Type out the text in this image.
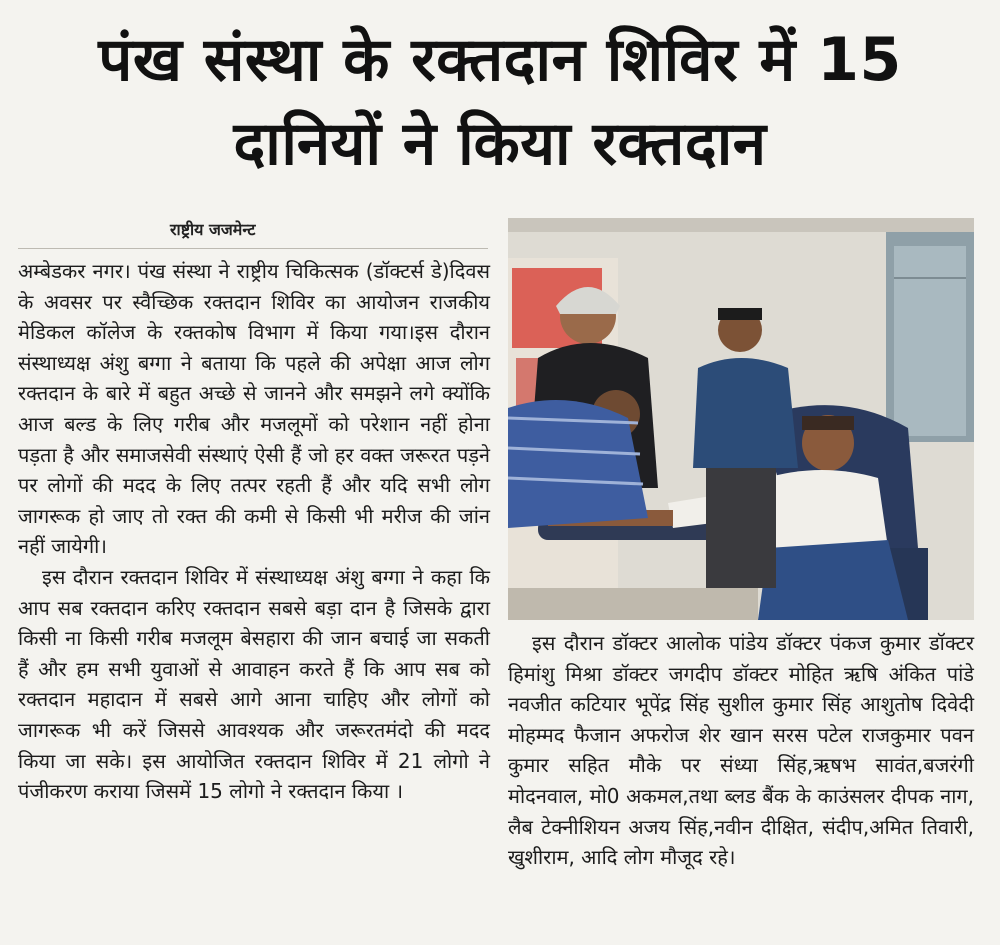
पंख संस्था के रक्तदान शिविर में 15
दानियों ने किया रक्तदान
राष्ट्रीय जजमेन्ट

अम्बेडकर नगर। पंख संस्था ने राष्ट्रीय चिकित्सक (डॉक्टर्स डे)दिवस के अवसर पर स्वैच्छिक रक्तदान शिविर का आयोजन राजकीय मेडिकल कॉलेज के रक्तकोष विभाग में किया गया।इस दौरान संस्थाध्यक्ष अंशु बग्गा ने बताया कि पहले की अपेक्षा आज लोग रक्तदान के बारे में बहुत अच्छे से जानने और समझने लगे क्योंकि आज बल्ड के लिए गरीब और मजलूमों को परेशान नहीं होना पड़ता है और समाजसेवी संस्थाएं ऐसी हैं जो हर वक्त जरूरत पड़ने पर लोगों की मदद के लिए तत्पर रहती हैं और यदि सभी लोग जागरूक हो जाए तो रक्त की कमी से किसी भी मरीज की जांन नहीं जायेगी।

इस दौरान रक्तदान शिविर में संस्थाध्यक्ष अंशु बग्गा ने कहा कि आप सब रक्तदान करिए रक्तदान सबसे बड़ा दान है जिसके द्वारा किसी ना किसी गरीब मजलूम बेसहारा की जान बचाई जा सकती हैं और हम सभी युवाओं से आवाहन करते हैं कि आप सब को रक्तदान महादान में सबसे आगे आना चाहिए और लोगों को जागरूक भी करें जिससे आवश्यक और जरूरतमंदो की मदद किया जा सके। इस आयोजित रक्तदान शिविर में 21 लोगो ने पंजीकरण कराया जिसमें 15 लोगो ने रक्तदान किया ।

इस दौरान डॉक्टर आलोक पांडेय डॉक्टर पंकज कुमार डॉक्टर हिमांशु मिश्रा डॉक्टर जगदीप डॉक्टर मोहित ऋषि अंकित पांडे नवजीत कटियार भूपेंद्र सिंह सुशील कुमार सिंह आशुतोष दिवेदी मोहम्मद फैजान अफरोज शेर खान सरस पटेल राजकुमार पवन कुमार सहित मौके पर संध्या सिंह,ऋषभ सावंत,बजरंगी मोदनवाल, मो0 अकमल,तथा ब्लड बैंक के काउंसलर दीपक नाग, लैब टेक्नीशियन अजय सिंह,नवीन दीक्षित, संदीप,अमित तिवारी, खुशीराम, आदि लोग मौजूद रहे।
